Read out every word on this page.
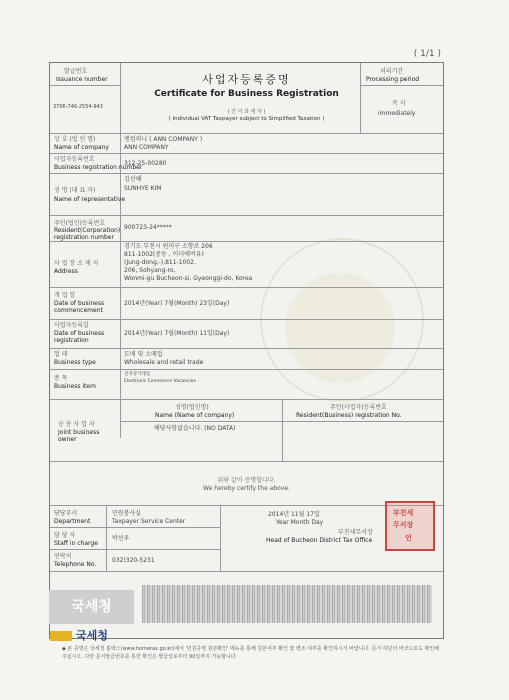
( 1/1 )
발급번호
Issuance number
3706-746-2554-943
사업자등록증명
Certificate for Business Registration
( 간 이 과 세 자 )
( Individual VAT Taxpayer subject to Simplified Taxation )
처리기간
Processing period
즉 시
immediately
상 호 (법 인 명)
Name of company
앤컴퍼니 ( ANN COMPANY )
ANN COMPANY
사업자등록번호
Business registration number
312-25-00280
성 명 (대 표 자)
Name of representative
김선혜
SUNHYE KIM
주민(법인)등록번호
Resident(Corporation) registration number
900723-24*****
사 업 장 소 재 지
Address
경기도 부천시 원미구 소향로 206
811-1002(중동 , 이더에버유)
(Jung-dong,-),811-1002,
206, Sohyang-ro,
Wonmi-gu Bucheon-si, Gyeonggi-do, Korea
개 업 일
Date of business commencement
2014년(Year) 7월(Month) 23일(Day)
사업자등록일
Date of business registration
2014년(Year) 7월(Month) 11일(Day)
업 태
Business type
도매 및 소매업
Wholesale and retail trade
종 목
Business item
전자상거래업
Electronic Commerce Vacancies
공 동 사 업 자
Joint business
owner
성명(법인명)
Name (Name of company)
주민(사업자)등록번호
Resident(Business) registration No.
해당사항없습니다. (NO DATA)
위와 같이 증명합니다.
We hereby certify the above.
담당부서
Department
민원봉사실
Taxpayer Service Center
담 당 자
Staff in charge
박선우
연락처
Telephone No.
032)320-5231
2014년 11월 17일
Year Month Day
부천세무서장
Head of Bucheon District Tax Office
부천세
무서장
인
국세청
국세청
◆ 본 증명은 국세청 홈택스(www.hometax.go.kr)에서 '민원증명 원본확인' 메뉴를 통해 원본여부 확인 및 변조 여부를 확인하시기 바랍니다. 문서 하단의 바코드로도 확인해 주십시오. 다만 문서발급번호를 통한 확인은 발급일로부터 90일까지 가능합니다.
